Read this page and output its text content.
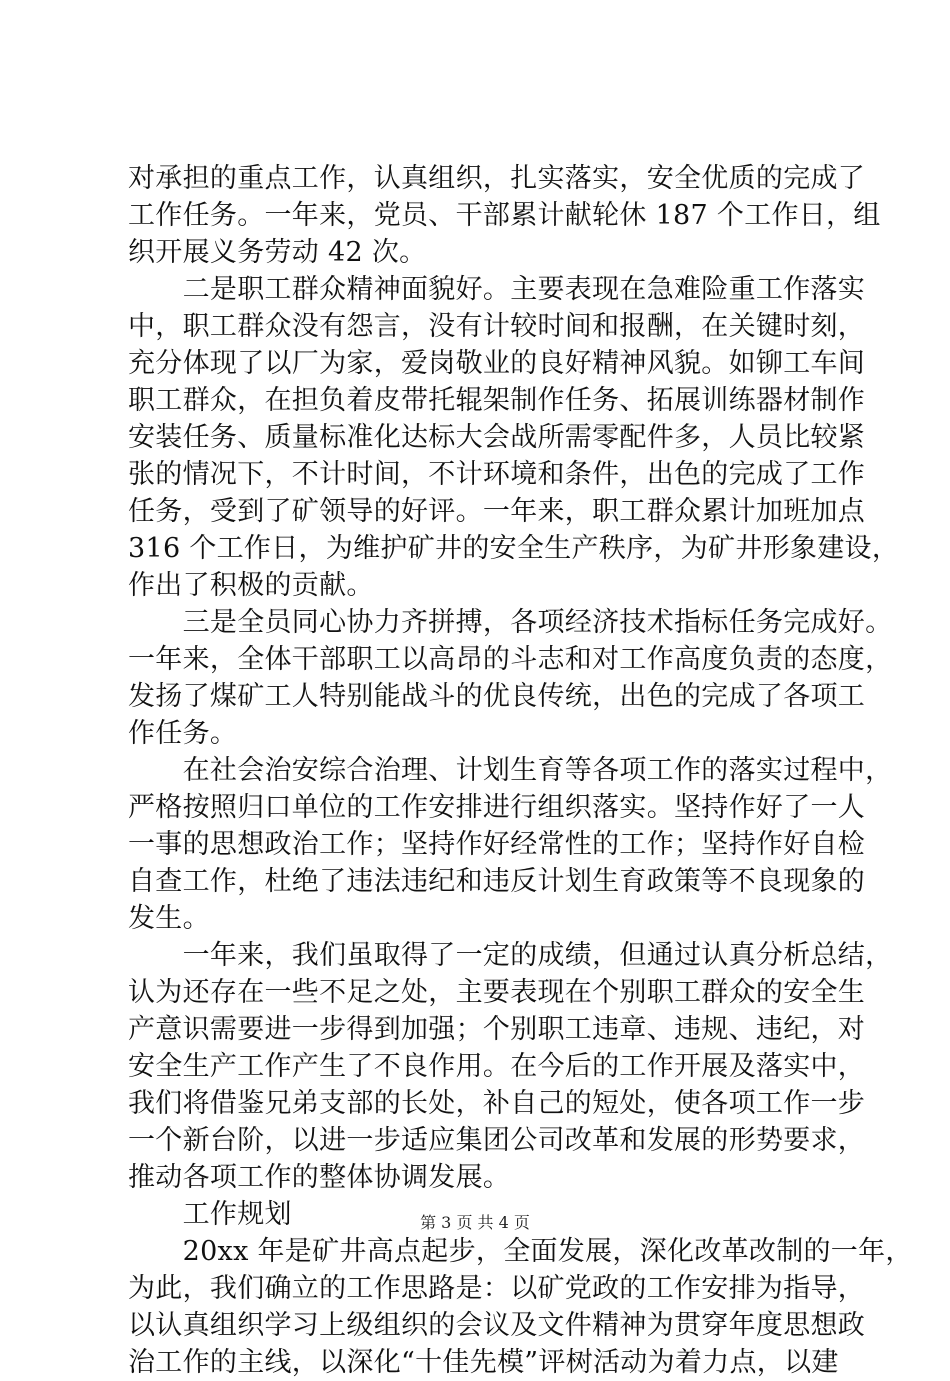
对承担的重点工作，认真组织，扎实落实，安全优质的完成了
工作任务。一年来，党员、干部累计献轮休 187 个工作日，组
织开展义务劳动 42 次。

　　二是职工群众精神面貌好。主要表现在急难险重工作落实
中，职工群众没有怨言，没有计较时间和报酬，在关键时刻，
充分体现了以厂为家，爱岗敬业的良好精神风貌。如铆工车间
职工群众，在担负着皮带托辊架制作任务、拓展训练器材制作
安装任务、质量标准化达标大会战所需零配件多，人员比较紧
张的情况下，不计时间，不计环境和条件，出色的完成了工作
任务，受到了矿领导的好评。一年来，职工群众累计加班加点
316 个工作日，为维护矿井的安全生产秩序，为矿井形象建设，
作出了积极的贡献。

　　三是全员同心协力齐拼搏，各项经济技术指标任务完成好。
一年来，全体干部职工以高昂的斗志和对工作高度负责的态度，
发扬了煤矿工人特别能战斗的优良传统，出色的完成了各项工
作任务。

　　在社会治安综合治理、计划生育等各项工作的落实过程中，
严格按照归口单位的工作安排进行组织落实。坚持作好了一人
一事的思想政治工作；坚持作好经常性的工作；坚持作好自检
自查工作，杜绝了违法违纪和违反计划生育政策等不良现象的
发生。

　　一年来，我们虽取得了一定的成绩，但通过认真分析总结，
认为还存在一些不足之处，主要表现在个别职工群众的安全生
产意识需要进一步得到加强；个别职工违章、违规、违纪，对
安全生产工作产生了不良作用。在今后的工作开展及落实中，
我们将借鉴兄弟支部的长处，补自己的短处，使各项工作一步
一个新台阶，以进一步适应集团公司改革和发展的形势要求，
推动各项工作的整体协调发展。

　　工作规划

　　20xx 年是矿井高点起步，全面发展，深化改革改制的一年，
为此，我们确立的工作思路是：以矿党政的工作安排为指导，
以认真组织学习上级组织的会议及文件精神为贯穿年度思想政
治工作的主线，以深化“十佳先模”评树活动为着力点，以建

第 3 页 共 4 页
